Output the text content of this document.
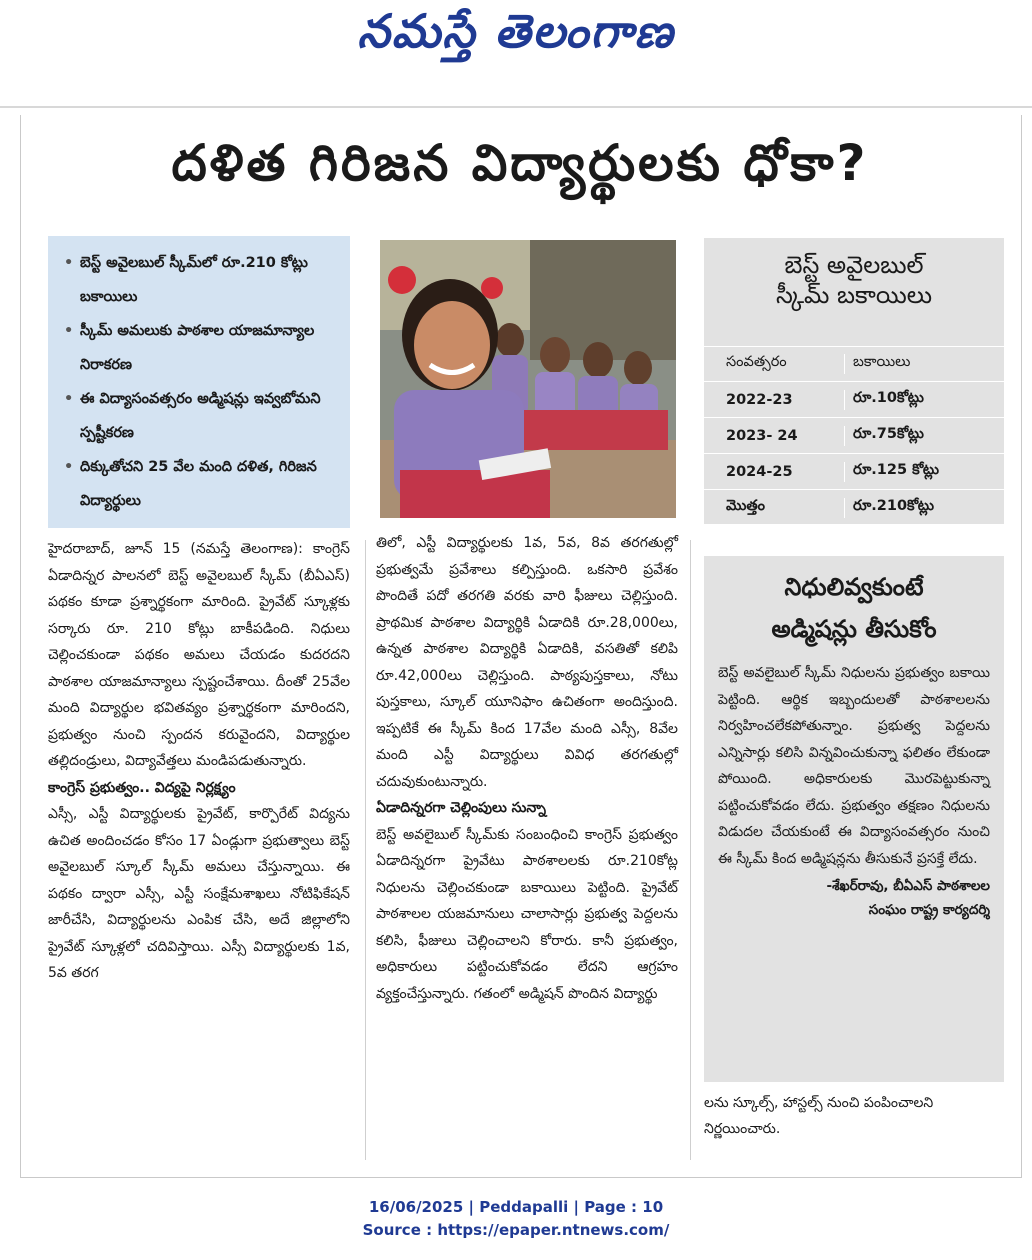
నమస్తే తెలంగాణ
దళిత గిరిజన విద్యార్థులకు ధోకా?
• బెస్ట్ అవైలబుల్ స్కీమ్‌లో రూ.210 కోట్లు బకాయిలు
• స్కీమ్ అమలుకు పాఠశాల యాజమాన్యాల నిరాకరణ
• ఈ విద్యాసంవత్సరం అడ్మిషన్లు ఇవ్వబోమని స్పష్టీకరణ
• దిక్కుతోచని 25 వేల మంది దళిత, గిరిజన విద్యార్థులు
బెస్ట్ అవైలబుల్
స్కీమ్ బకాయిలు
సంవత్సరం	బకాయిలు
2022-23	రూ.10కోట్లు
2023- 24	రూ.75కోట్లు
2024-25	రూ.125 కోట్లు
మొత్తం	రూ.210కోట్లు

హైదరాబాద్, జూన్ 15 (నమస్తే తెలంగాణ): కాంగ్రెస్ ఏడాదిన్నర పాలనలో బెస్ట్ అవైలబుల్ స్కీమ్ (బీఏఎస్) పథకం కూడా ప్రశ్నార్థకంగా మారింది. ప్రైవేట్ స్కూళ్లకు సర్కారు రూ. 210 కోట్లు బాకీపడింది. నిధులు చెల్లించకుండా పథకం అమలు చేయడం కుదరదని పాఠశాల యాజమాన్యాలు స్పష్టంచేశాయి. దీంతో 25వేల మంది విద్యార్థుల భవితవ్యం ప్రశ్నార్థకంగా మారిందని, ప్రభుత్వం నుంచి స్పందన కరువైందని, విద్యార్థుల తల్లిదండ్రులు, విద్యావేత్తలు మండిపడుతున్నారు.

కాంగ్రెస్ ప్రభుత్వం.. విద్యపై నిర్లక్ష్యం

ఎస్సీ, ఎస్టీ విద్యార్థులకు ప్రైవేట్, కార్పొరేట్ విద్యను ఉచిత అందించడం కోసం 17 ఏండ్లుగా ప్రభుత్వాలు బెస్ట్ అవైలబుల్ స్కూల్ స్కీమ్ అమలు చేస్తున్నాయి. ఈ పథకం ద్వారా ఎస్సీ, ఎస్టీ సంక్షేమశాఖలు నోటిఫికేషన్ జారీచేసి, విద్యార్థులను ఎంపిక చేసి, అదే జిల్లాలోని ప్రైవేట్ స్కూళ్లలో చదివిస్తాయి. ఎస్సీ విద్యార్థులకు 1వ, 5వ తరగ

తిలో, ఎస్టీ విద్యార్థులకు 1వ, 5వ, 8వ తరగతుల్లో ప్రభుత్వమే ప్రవేశాలు కల్పిస్తుంది. ఒకసారి ప్రవేశం పొందితే పదో తరగతి వరకు వారి ఫీజులు చెల్లిస్తుంది. ప్రాథమిక పాఠశాల విద్యార్థికి ఏడాదికి రూ.28,000లు, ఉన్నత పాఠశాల విద్యార్థికి ఏడాదికి, వసతితో కలిపి రూ.42,000లు చెల్లిస్తుంది. పాఠ్యపుస్తకాలు, నోటు పుస్తకాలు, స్కూల్ యూనిఫాం ఉచితంగా అందిస్తుంది. ఇప్పటికే ఈ స్కీమ్ కింద 17వేల మంది ఎస్సీ, 8వేల మంది ఎస్టీ విద్యార్థులు వివిధ తరగతుల్లో చదువుకుంటున్నారు.

ఏడాదిన్నరగా చెల్లింపులు సున్నా

బెస్ట్ అవలైబుల్ స్కీమ్‌కు సంబంధించి కాంగ్రెస్ ప్రభుత్వం ఏడాదిన్నరగా ప్రైవేటు పాఠశాలలకు రూ.210కోట్ల నిధులను చెల్లించకుండా బకాయిలు పెట్టింది. ప్రైవేట్ పాఠశాలల యజమానులు చాలాసార్లు ప్రభుత్వ పెద్దలను కలిసి, ఫీజులు చెల్లించాలని కోరారు. కానీ ప్రభుత్వం, అధికారులు పట్టించుకోవడం లేదని ఆగ్రహం వ్యక్తంచేస్తున్నారు. గతంలో అడ్మిషన్ పొందిన విద్యార్థు

నిధులివ్వకుంటే
అడ్మిషన్లు తీసుకోం
బెస్ట్ అవలైబుల్ స్కీమ్ నిధులను ప్రభుత్వం బకాయి పెట్టింది. ఆర్థిక ఇబ్బందులతో పాఠశాలలను నిర్వహించలేకపోతున్నాం. ప్రభుత్వ పెద్దలను ఎన్నిసార్లు కలిసి విన్నవించుకున్నా ఫలితం లేకుండా పోయింది. అధికారులకు మొరపెట్టుకున్నా పట్టించుకోవడం లేదు. ప్రభుత్వం తక్షణం నిధులను విడుదల చేయకుంటే ఈ విద్యాసంవత్సరం నుంచి ఈ స్కీమ్ కింద అడ్మిషన్లను తీసుకునే ప్రసక్తే లేదు.
-శేఖర్‌రావు, బీఏఎస్ పాఠశాలల
సంఘం రాష్ట్ర కార్యదర్శి
లను స్కూల్స్, హాస్టల్స్ నుంచి పంపించాలని నిర్ణయించారు.
16/06/2025 | Peddapalli | Page : 10
Source : https://epaper.ntnews.com/
